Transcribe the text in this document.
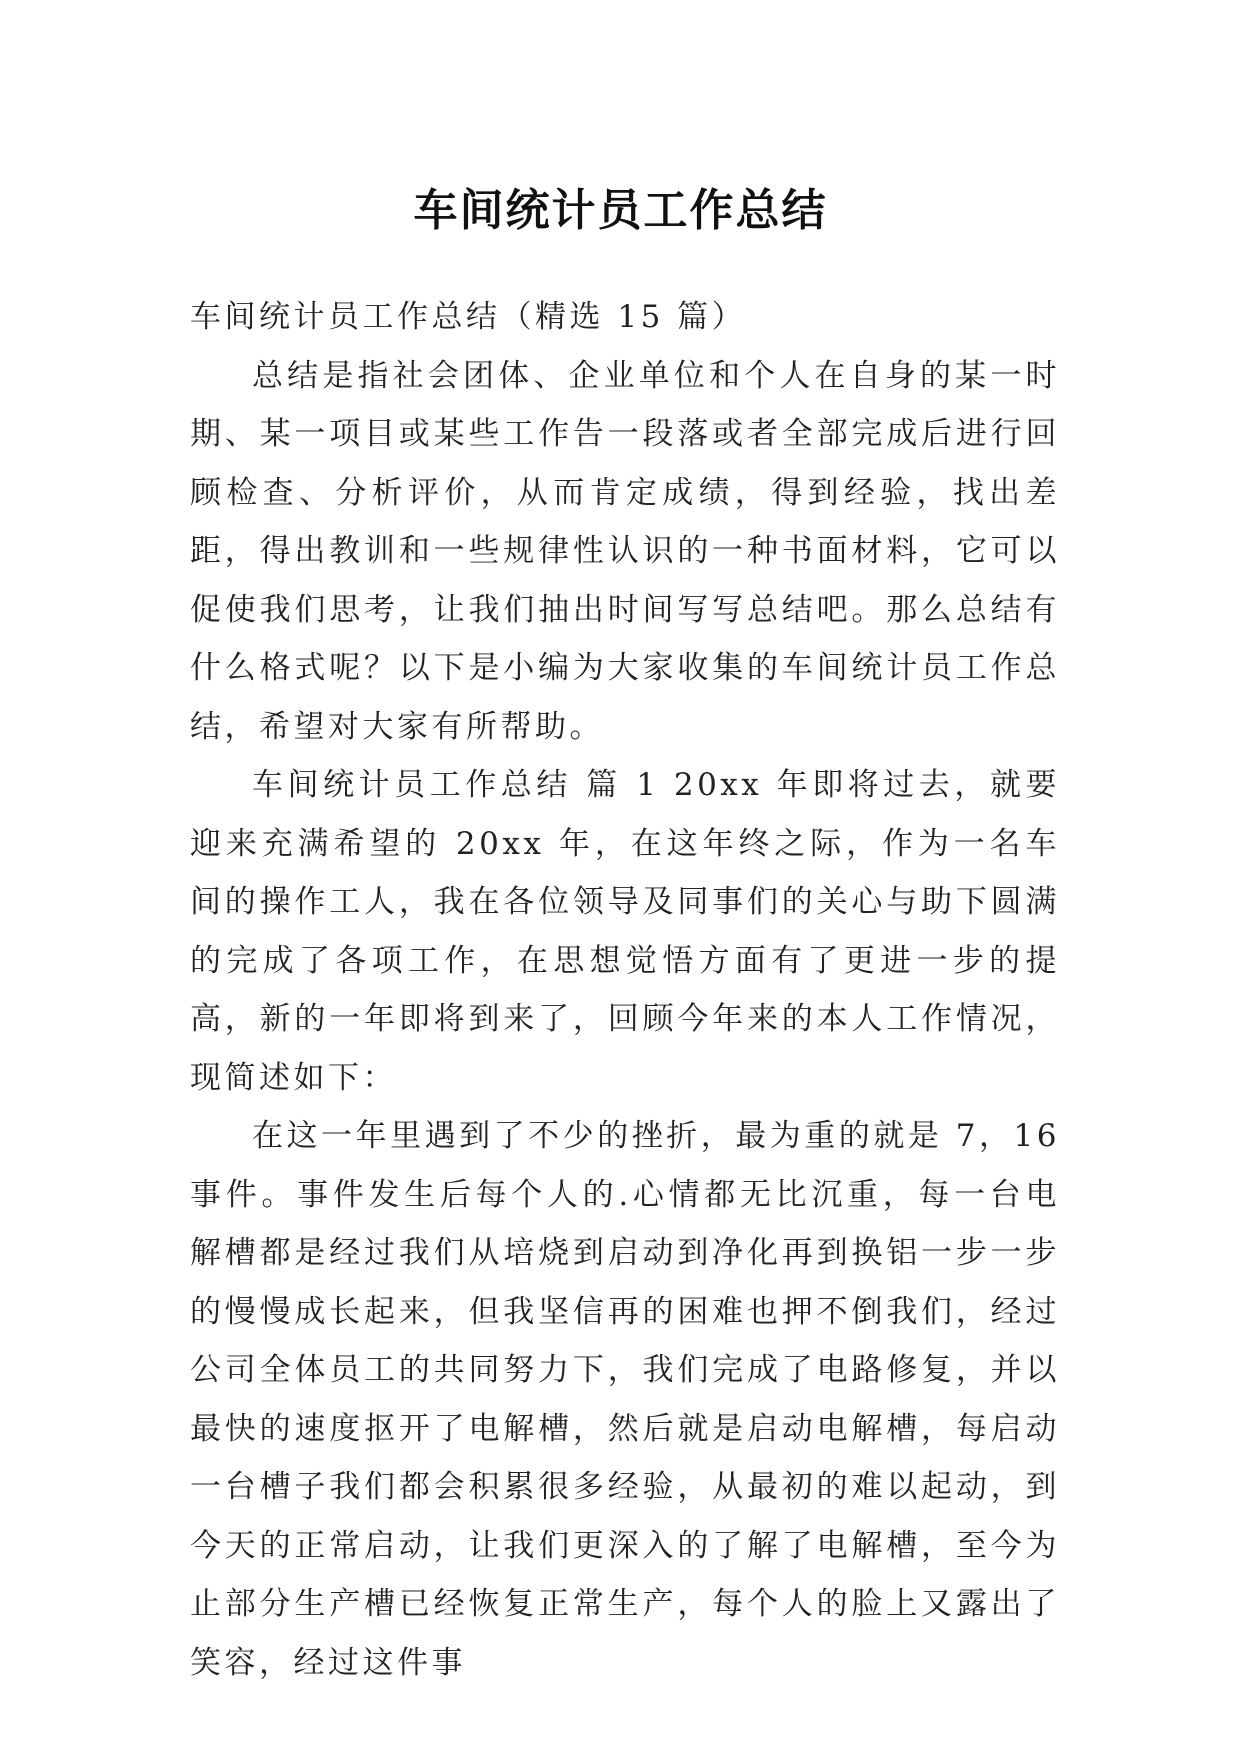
车间统计员工作总结

车间统计员工作总结（精选 15 篇）

总结是指社会团体、企业单位和个人在自身的某一时期、某一项目或某些工作告一段落或者全部完成后进行回顾检查、分析评价，从而肯定成绩，得到经验，找出差距，得出教训和一些规律性认识的一种书面材料，它可以促使我们思考，让我们抽出时间写写总结吧。那么总结有什么格式呢？以下是小编为大家收集的车间统计员工作总结，希望对大家有所帮助。

车间统计员工作总结 篇 1 20xx 年即将过去，就要迎来充满希望的 20xx 年，在这年终之际，作为一名车间的操作工人，我在各位领导及同事们的关心与助下圆满的完成了各项工作，在思想觉悟方面有了更进一步的提高，新的一年即将到来了，回顾今年来的本人工作情况，现简述如下：

在这一年里遇到了不少的挫折，最为重的就是 7，16 事件。事件发生后每个人的.心情都无比沉重，每一台电解槽都是经过我们从培烧到启动到净化再到换铝一步一步的慢慢成长起来，但我坚信再的困难也押不倒我们，经过公司全体员工的共同努力下，我们完成了电路修复，并以最快的速度抠开了电解槽，然后就是启动电解槽，每启动一台槽子我们都会积累很多经验，从最初的难以起动，到今天的正常启动，让我们更深入的了解了电解槽，至今为止部分生产槽已经恢复正常生产，每个人的脸上又露出了笑容，经过这件事
